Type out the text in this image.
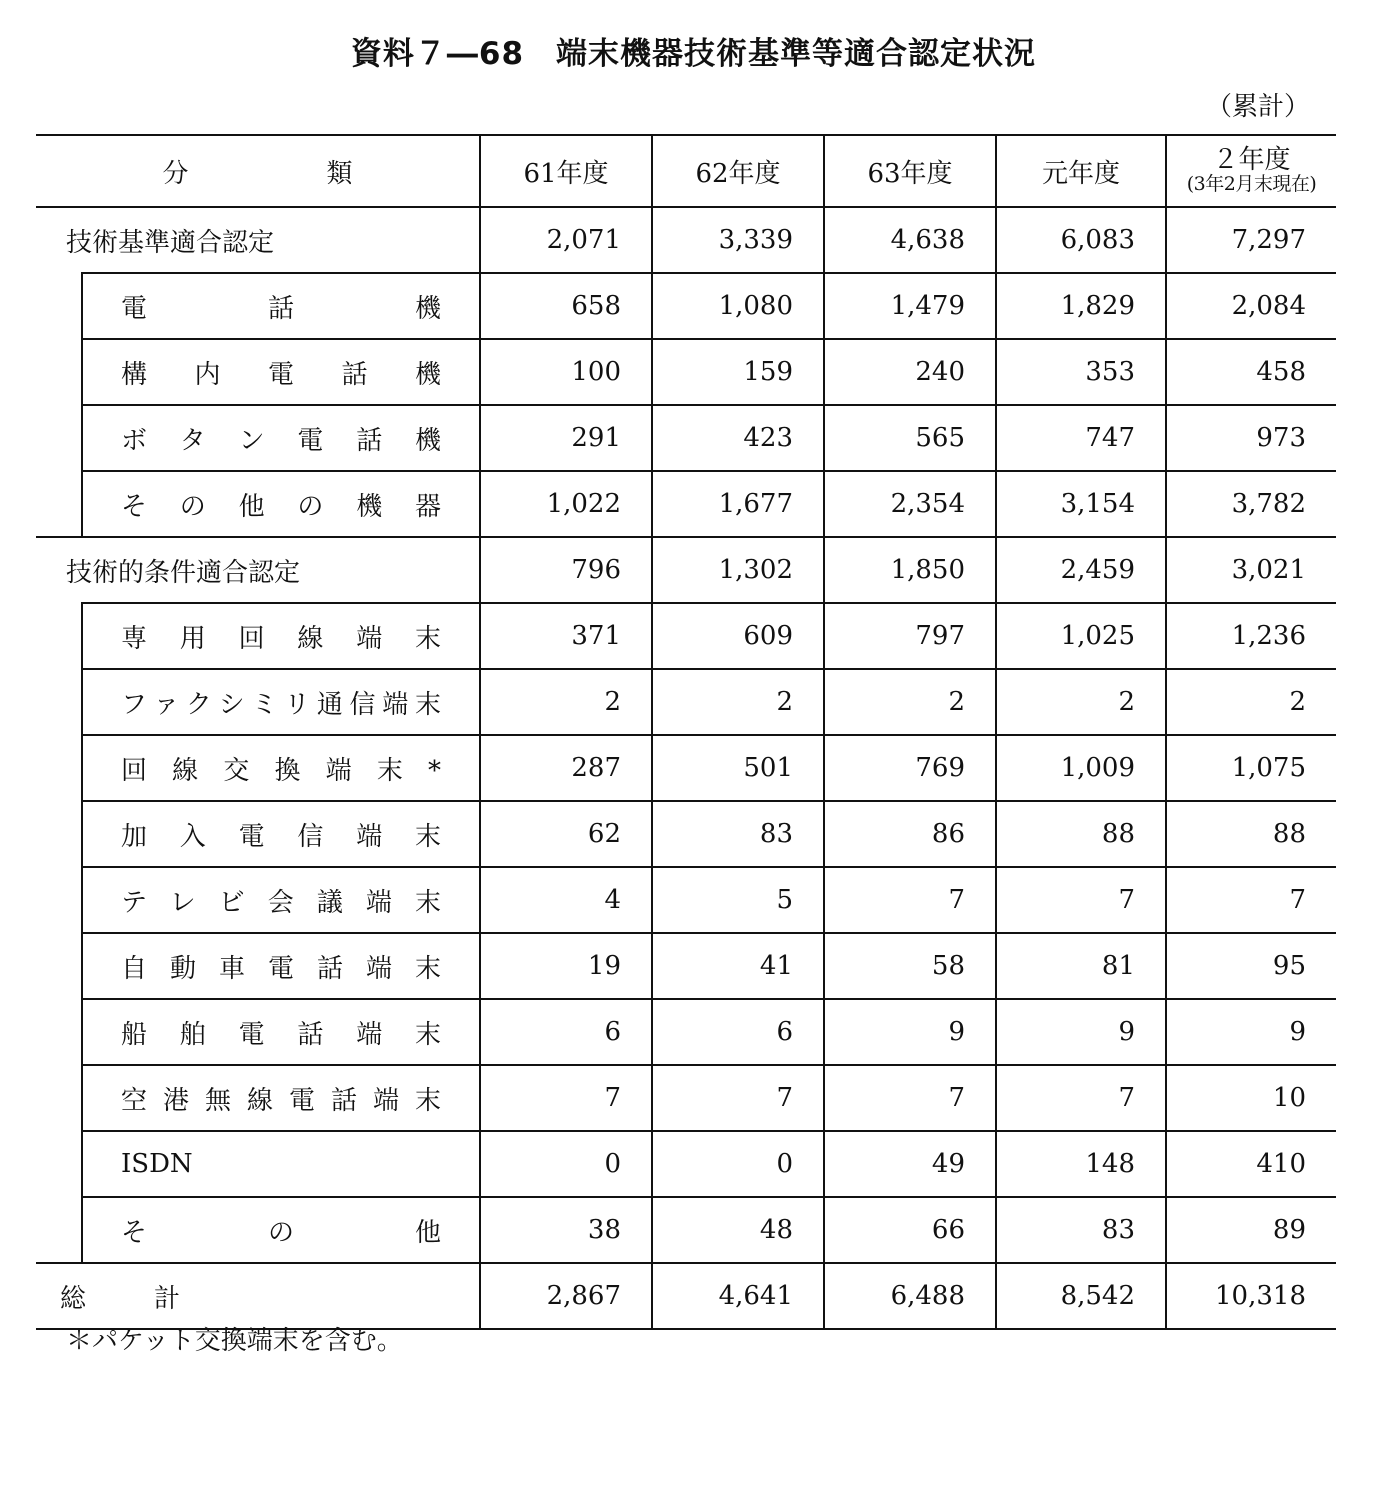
資料７―68　端末機器技術基準等適合認定状況
（累計）
分　類		61年度	62年度	63年度	元年度	２年度
(3年2月末現在)

技術基準適合認定		2,071	3,339	4,638	6,083	7,297

	電話機	658	1,080	1,479	1,829	2,084

	構内電話機	100	159	240	353	458

	ボタン電話機	291	423	565	747	973

	その他の機器	1,022	1,677	2,354	3,154	3,782
技術的条件適合認定		796	1,302	1,850	2,459	3,021

	専用回線端末	371	609	797	1,025	1,236

	ファクシミリ通信端末	2	2	2	2	2

	回線交換端末*	287	501	769	1,009	1,075

	加入電信端末	62	83	86	88	88

	テレビ会議端末	4	5	7	7	7

	自動車電話端末	19	41	58	81	95

	船舶電話端末	6	6	9	9	9

	空港無線電話端末	7	7	7	7	10

	ISDN	0	0	49	148	410

	その他	38	48	66	83	89

総計		2,867	4,641	6,488	8,542	10,318
＊パケット交換端末を含む。
